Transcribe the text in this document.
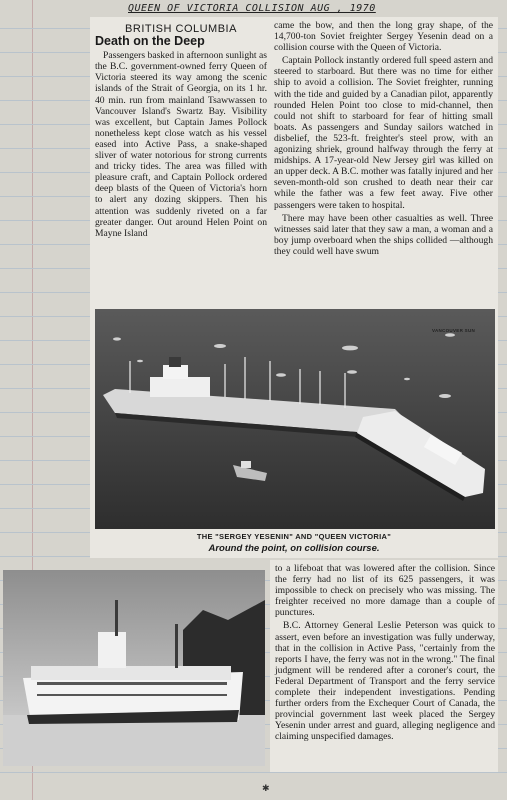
QUEEN OF VICTORIA COLLISION AUG , 1970
BRITISH COLUMBIA
Death on the Deep

Passengers basked in afternoon sunlight as the B.C. government-owned ferry Queen of Victoria steered its way among the scenic islands of the Strait of Georgia, on its 1 hr. 40 min. run from mainland Tsawwassen to Vancouver Island's Swartz Bay. Visibility was excellent, but Captain James Pollock nonetheless kept close watch as his vessel eased into Active Pass, a snake-shaped sliver of water notorious for strong currents and tricky tides. The area was filled with pleasure craft, and Captain Pollock ordered deep blasts of the Queen of Victoria's horn to alert any dozing skippers. Then his attention was suddenly riveted on a far greater danger. Out around Helen Point on Mayne Island

came the bow, and then the long gray shape, of the 14,700-ton Soviet freighter Sergey Yesenin dead on a collision course with the Queen of Victoria.

Captain Pollock instantly ordered full speed astern and steered to starboard. But there was no time for either ship to avoid a collision. The Soviet freighter, running with the tide and guided by a Canadian pilot, apparently rounded Helen Point too close to mid-channel, then could not shift to starboard for fear of hitting small boats. As passengers and Sunday sailors watched in disbelief, the 523-ft. freighter's steel prow, with an agonizing shriek, ground halfway through the ferry at midships. A 17-year-old New Jersey girl was killed on an upper deck. A B.C. mother was fatally injured and her seven-month-old son crushed to death near their car while the father was a few feet away. Five other passengers were taken to hospital.

There may have been other casualties as well. Three witnesses said later that they saw a man, a woman and a boy jump overboard when the ships collided —although they could well have swum

VANCOUVER SUN
THE "SERGEY YESENIN" AND "QUEEN VICTORIA"
Around the point, on collision course.

to a lifeboat that was lowered after the collision. Since the ferry had no list of its 625 passengers, it was impossible to check on precisely who was missing. The freighter received no more damage than a couple of punctures.

B.C. Attorney General Leslie Peterson was quick to assert, even before an investigation was fully underway, that in the collision in Active Pass, "certainly from the reports I have, the ferry was not in the wrong." The final judgment will be rendered after a coroner's court, the Federal Department of Transport and the ferry service complete their independent investigations. Pending further orders from the Exchequer Court of Canada, the provincial government last week placed the Sergey Yesenin under arrest and guard, alleging negligence and claiming unspecified damages.

✱
